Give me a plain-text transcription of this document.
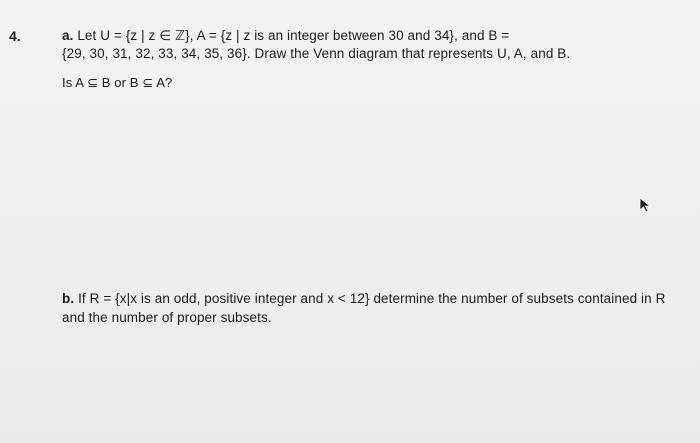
4.	a. Let U = {z | z ∈ ℤ}, A = {z | z is an integer between 30 and 34}, and B =
{29, 30, 31, 32, 33, 34, 35, 36}. Draw the Venn diagram that represents U, A, and B.
Is A ⊆ B or B ⊆ A?
b. If R = {x|x is an odd, positive integer and x < 12} determine the number of subsets contained in R
and the number of proper subsets.
